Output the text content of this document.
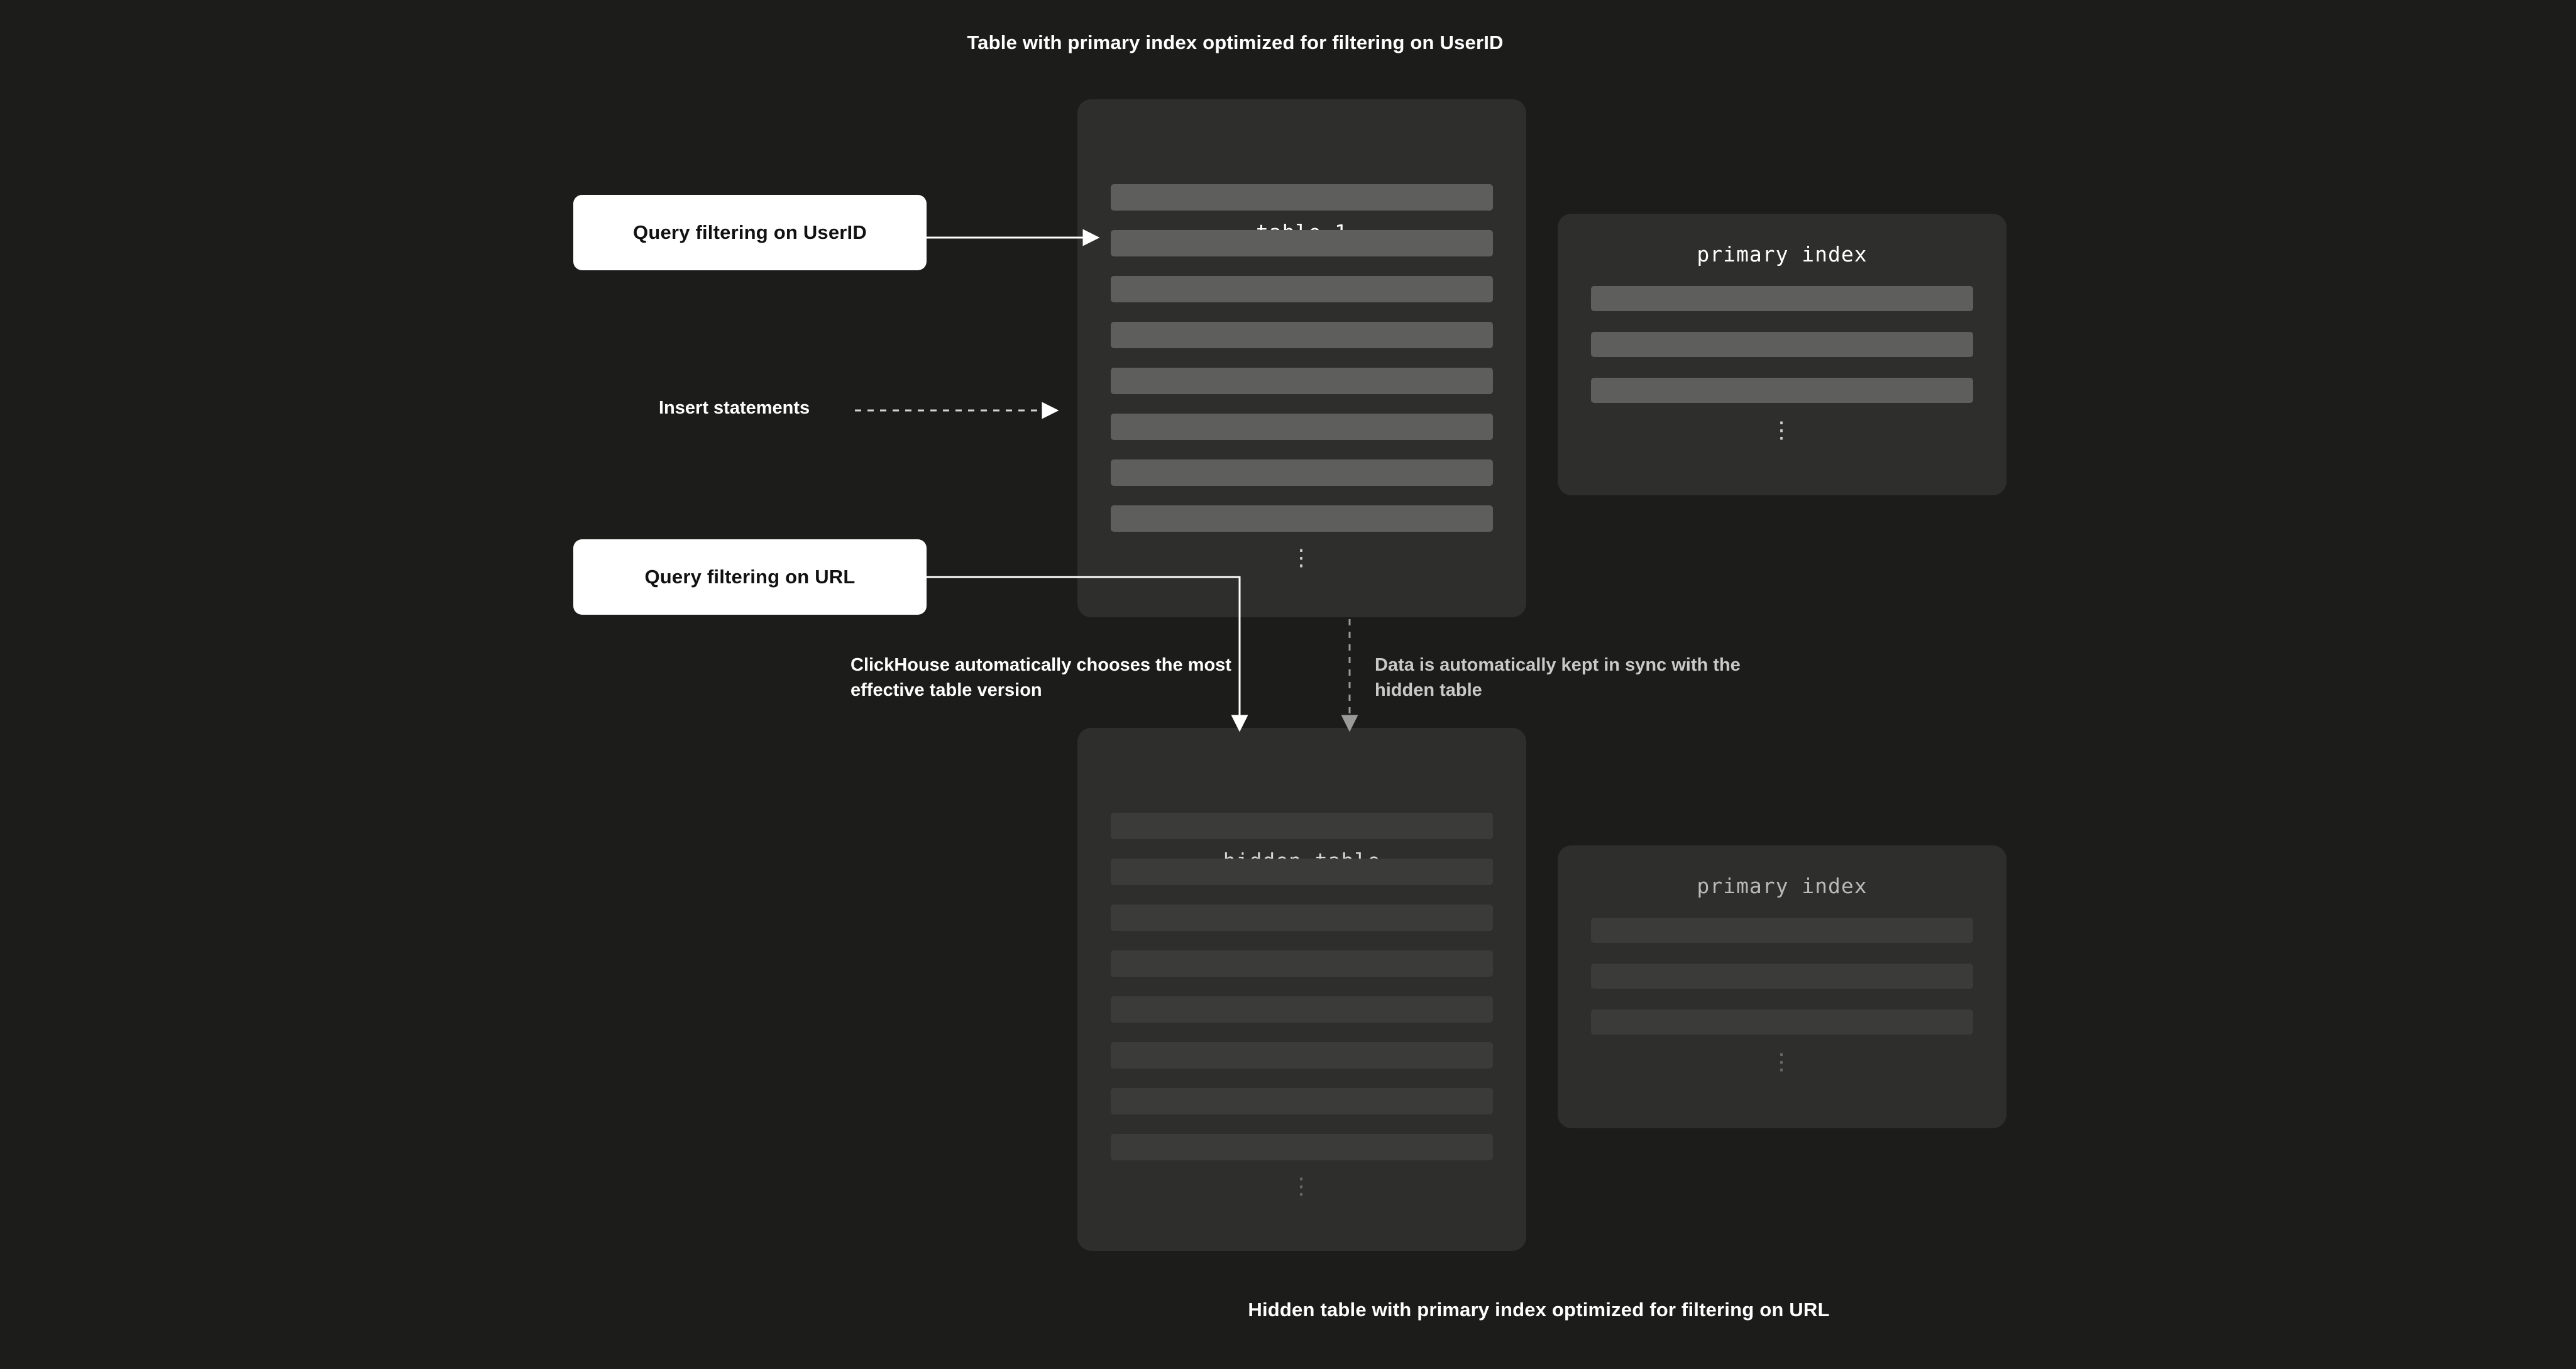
Table with primary index optimized for filtering on UserID
Hidden table with primary index optimized for filtering on URL
⋮
primary index
⋮
⋮
primary index
⋮
Query filtering on UserID
Query filtering on URL
Insert statements
ClickHouse automatically chooses the most effective table version
Data is automatically kept in sync with the hidden table
